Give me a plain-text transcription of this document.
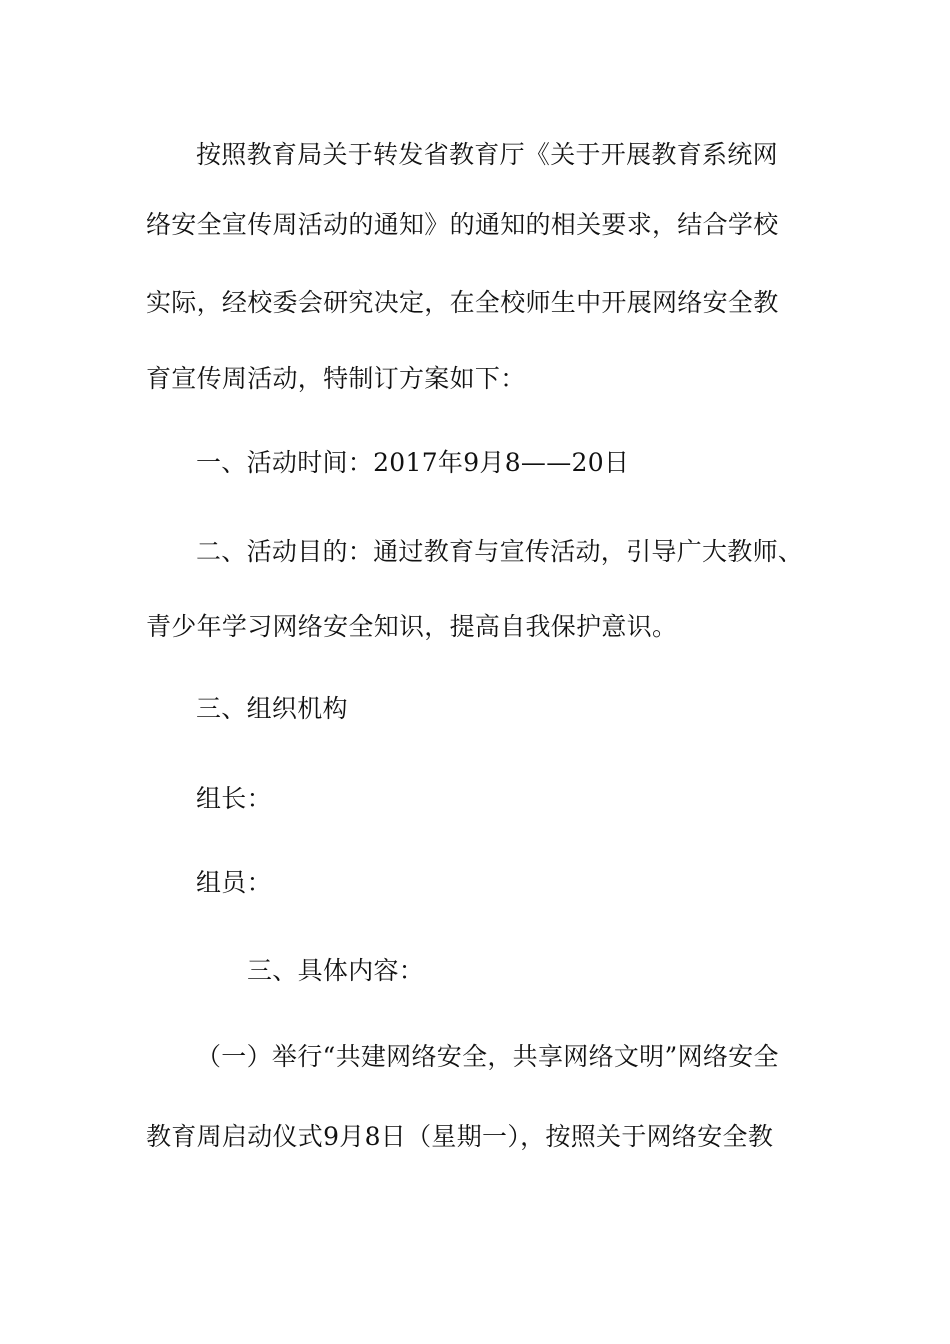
按照教育局关于转发省教育厅《关于开展教育系统网
络安全宣传周活动的通知》的通知的相关要求，结合学校
实际，经校委会研究决定，在全校师生中开展网络安全教
育宣传周活动，特制订方案如下：
一、活动时间：2017年9月8——20日
二、活动目的：通过教育与宣传活动，引导广大教师、
青少年学习网络安全知识，提高自我保护意识。
三、组织机构
组长：
组员：
三、具体内容：
（一）举行“共建网络安全，共享网络文明”网络安全
教育周启动仪式9月8日（星期一），按照关于网络安全教
